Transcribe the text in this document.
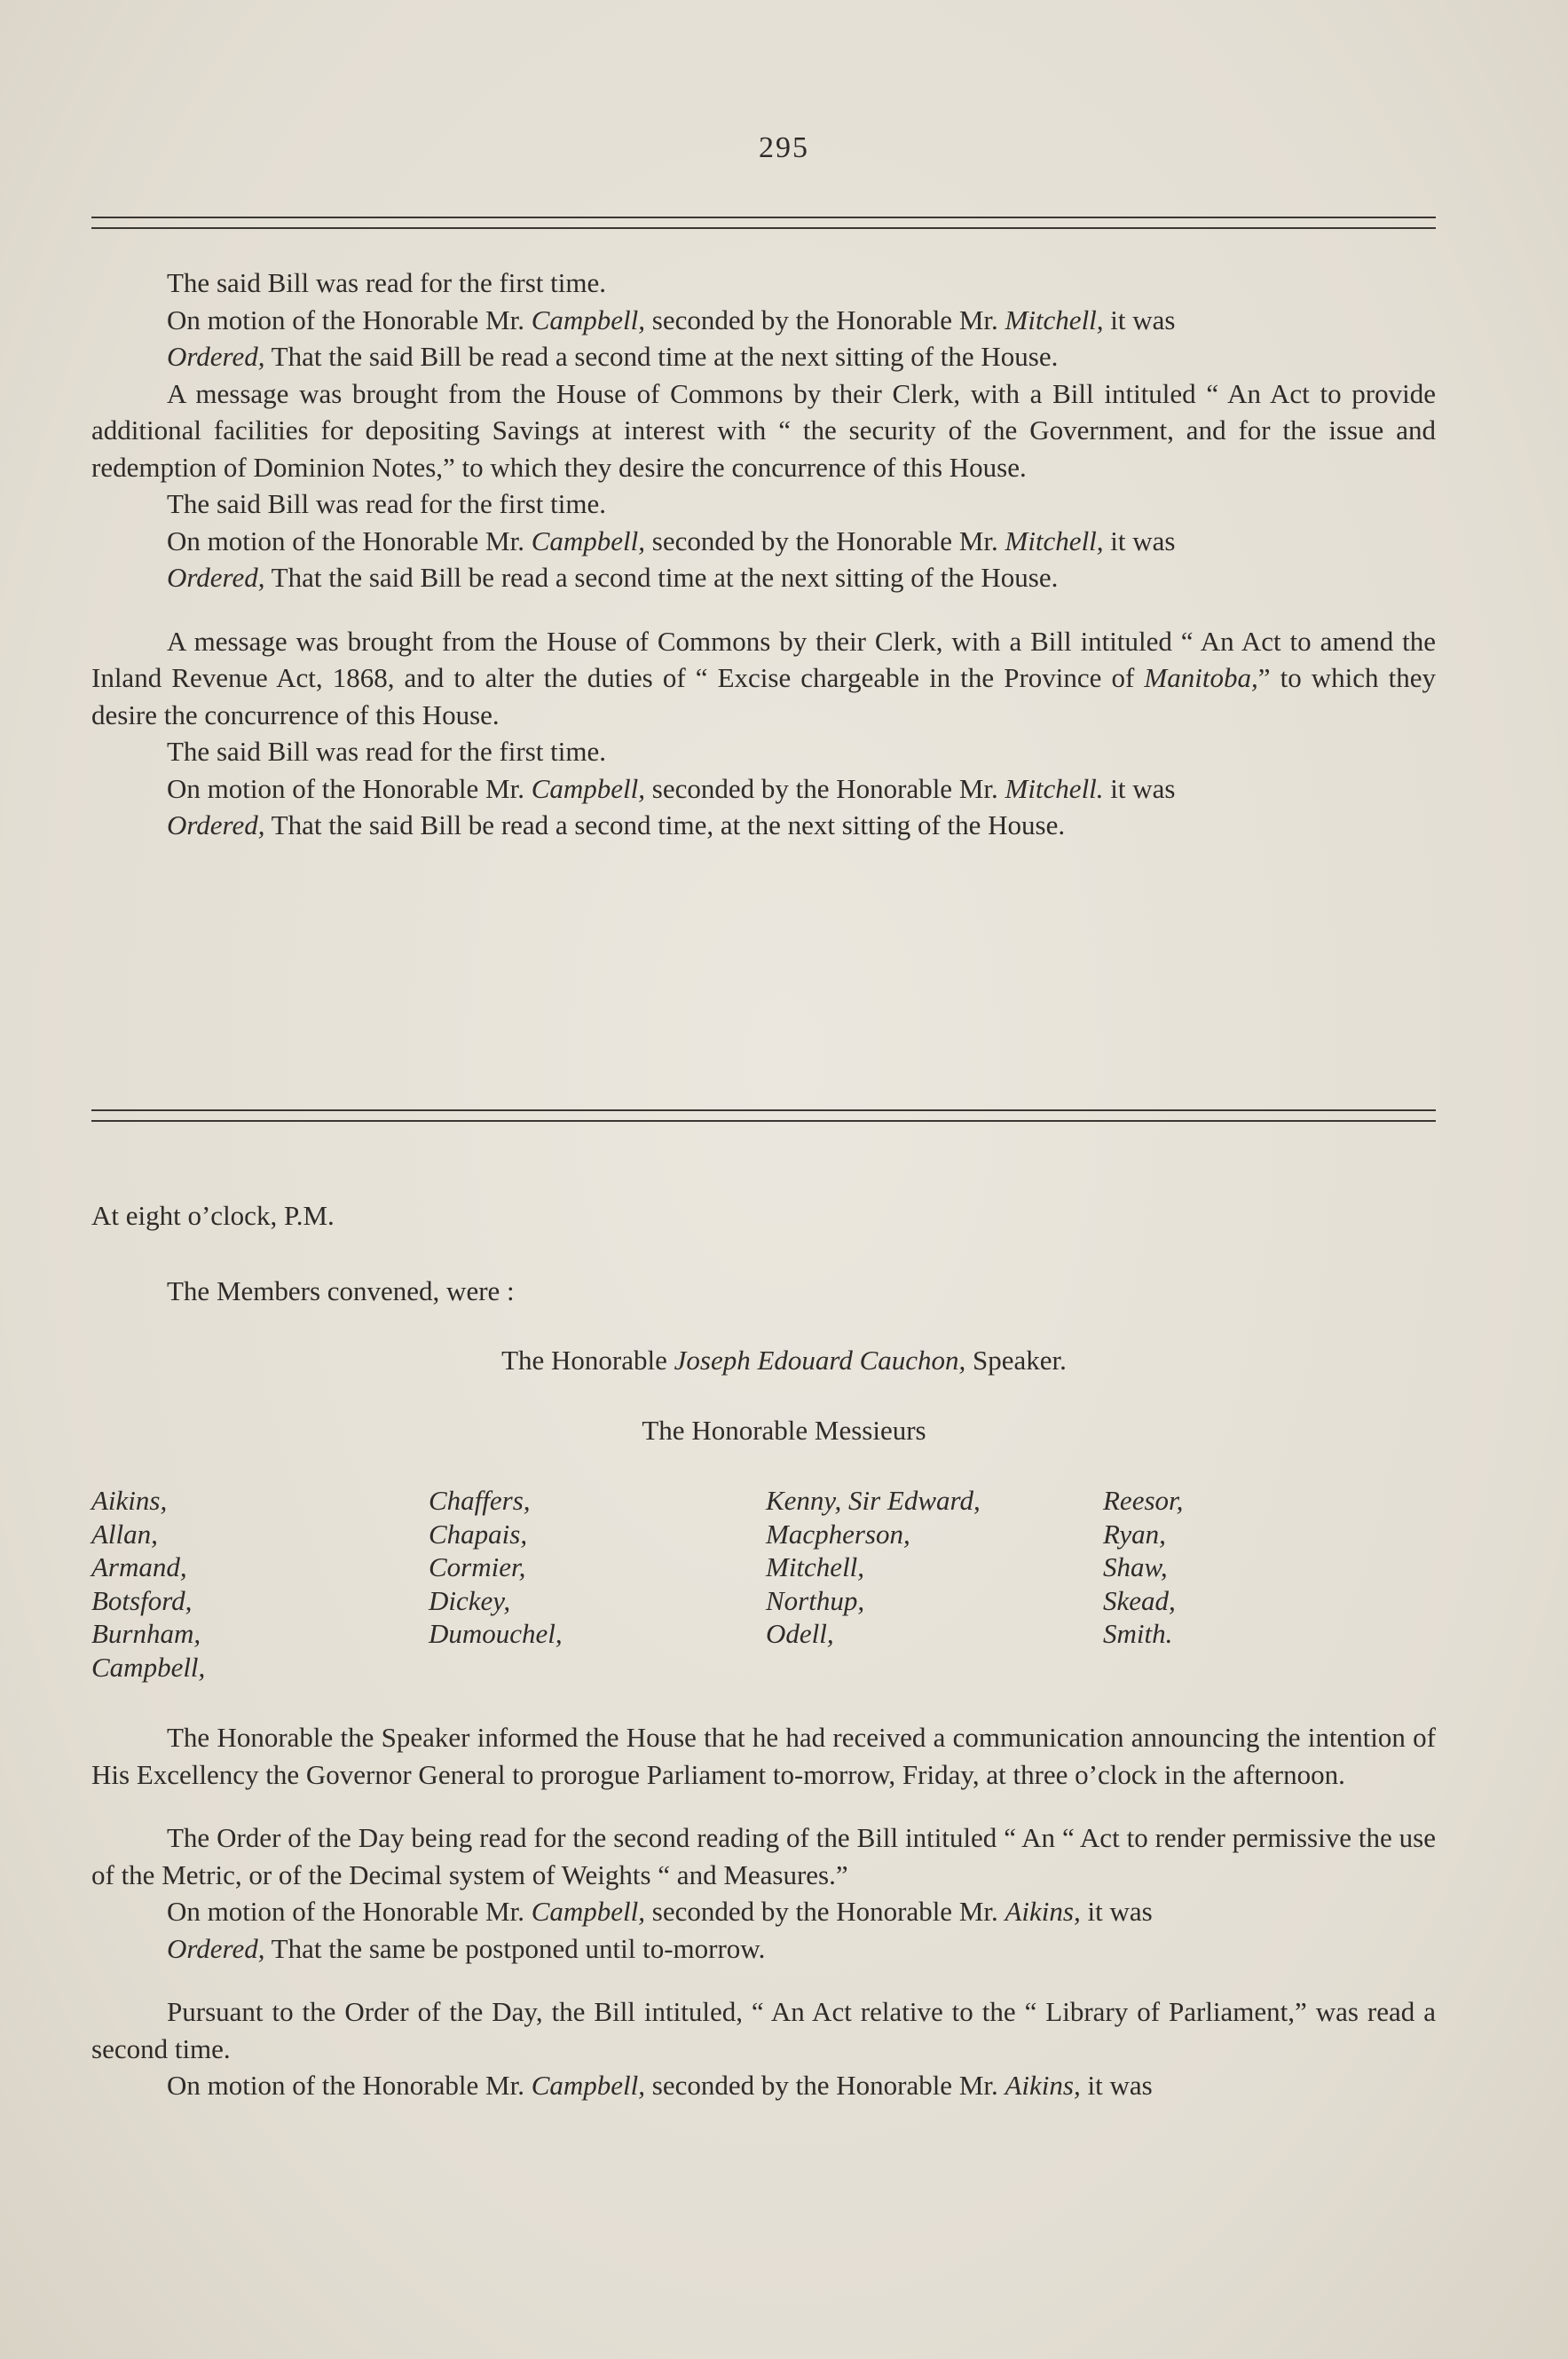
295

The said Bill was read for the first time.

On motion of the Honorable Mr. Campbell, seconded by the Honorable Mr. Mitchell, it was

Ordered, That the said Bill be read a second time at the next sitting of the House.

A message was brought from the House of Commons by their Clerk, with a Bill intituled “ An Act to provide additional facilities for depositing Savings at interest with “ the security of the Government, and for the issue and redemption of Dominion Notes,” to which they desire the concurrence of this House.

The said Bill was read for the first time.

On motion of the Honorable Mr. Campbell, seconded by the Honorable Mr. Mitchell, it was

Ordered, That the said Bill be read a second time at the next sitting of the House.

A message was brought from the House of Commons by their Clerk, with a Bill intituled “ An Act to amend the Inland Revenue Act, 1868, and to alter the duties of “ Excise chargeable in the Province of Manitoba,” to which they desire the concurrence of this House.

The said Bill was read for the first time.

On motion of the Honorable Mr. Campbell, seconded by the Honorable Mr. Mitchell. it was

Ordered, That the said Bill be read a second time, at the next sitting of the House.

At eight o’clock, P.M.
The Members convened, were :
The Honorable Joseph Edouard Cauchon, Speaker.
The Honorable Messieurs
Aikins,
Allan,
Armand,
Botsford,
Burnham,
Campbell,
Chaffers,
Chapais,
Cormier,
Dickey,
Dumouchel,
Kenny, Sir Edward,
Macpherson,
Mitchell,
Northup,
Odell,
Reesor,
Ryan,
Shaw,
Skead,
Smith.

The Honorable the Speaker informed the House that he had received a communication announcing the intention of His Excellency the Governor General to prorogue Parliament to-morrow, Friday, at three o’clock in the afternoon.

The Order of the Day being read for the second reading of the Bill intituled “ An “ Act to render permissive the use of the Metric, or of the Decimal system of Weights “ and Measures.”

On motion of the Honorable Mr. Campbell, seconded by the Honorable Mr. Aikins, it was

Ordered, That the same be postponed until to-morrow.

Pursuant to the Order of the Day, the Bill intituled, “ An Act relative to the “ Library of Parliament,” was read a second time.

On motion of the Honorable Mr. Campbell, seconded by the Honorable Mr. Aikins, it was
